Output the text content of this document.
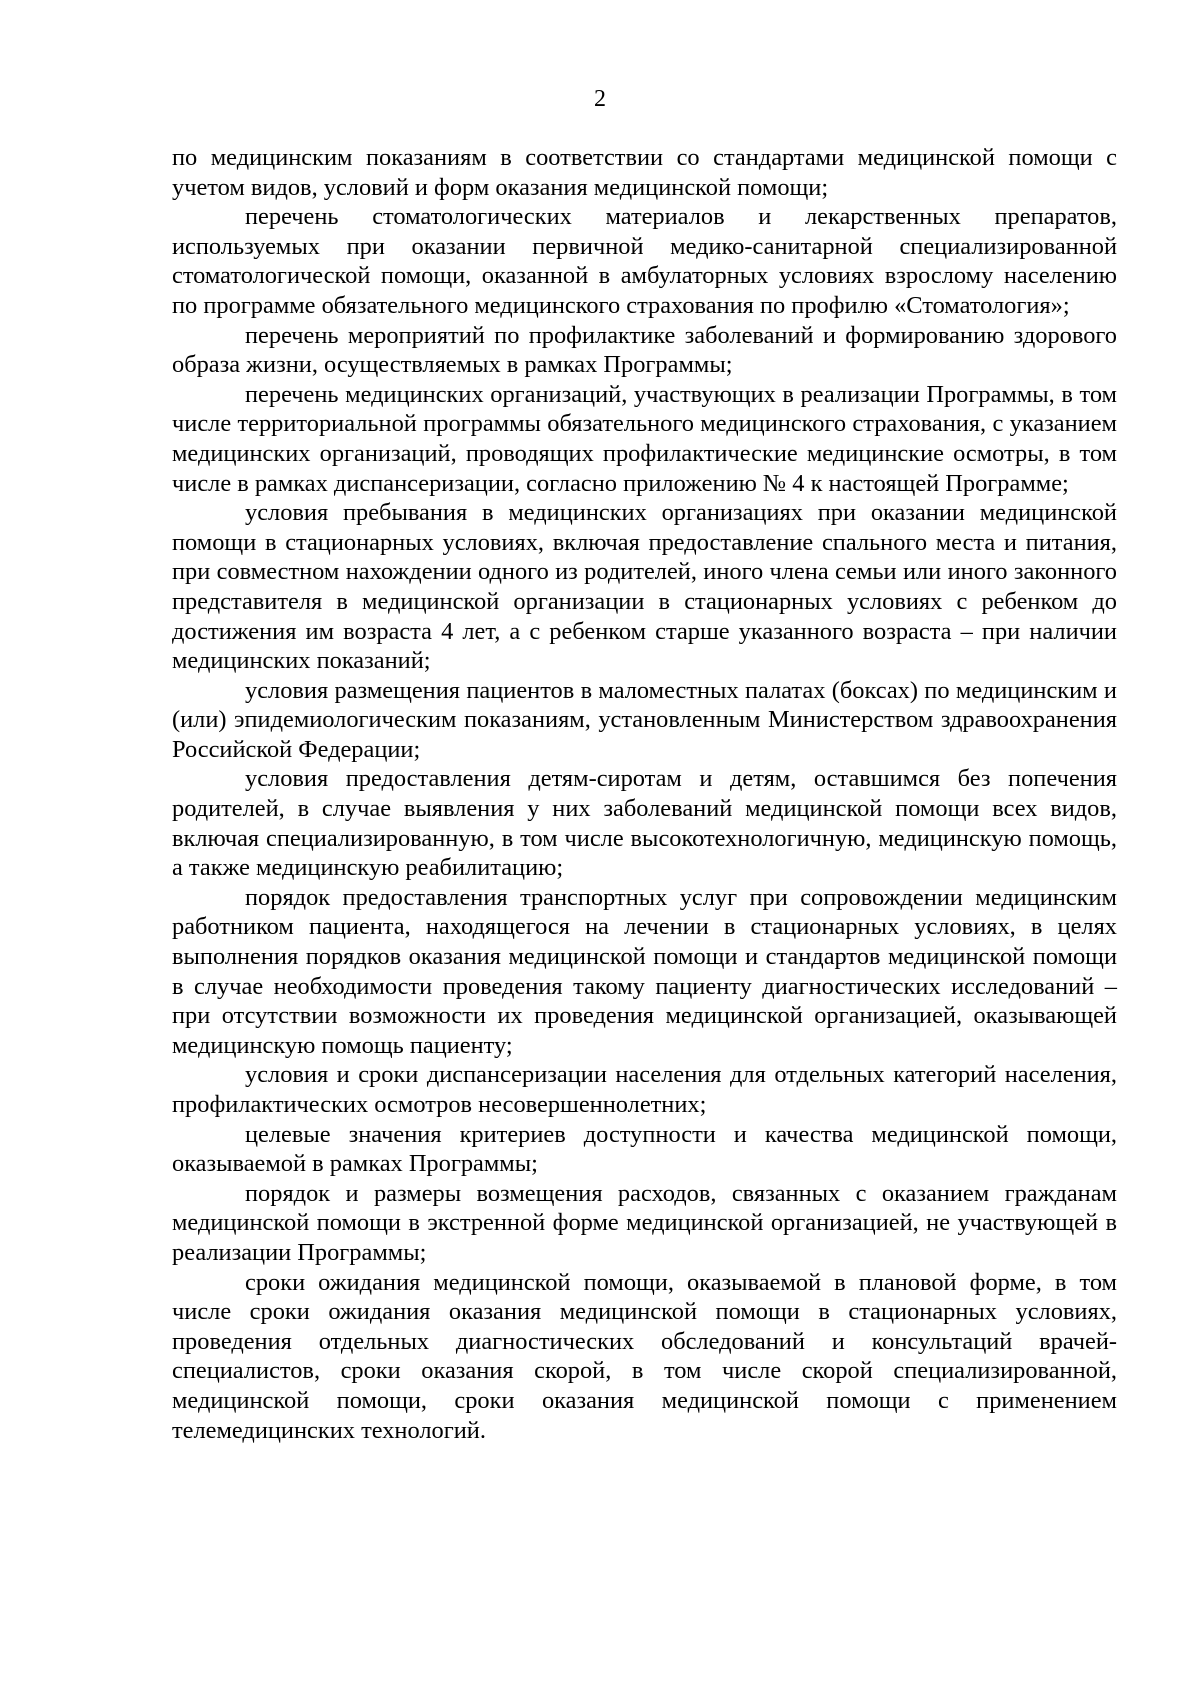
2

по медицинским показаниям в соответствии со стандартами медицинской помощи с учетом видов, условий и форм оказания медицинской помощи;

перечень стоматологических материалов и лекарственных препаратов, используемых при оказании первичной медико-санитарной специализированной стоматологической помощи, оказанной в амбулаторных условиях взрослому населению по программе обязательного медицинского страхования по профилю «Стоматология»;

перечень мероприятий по профилактике заболеваний и формированию здорового образа жизни, осуществляемых в рамках Программы;

перечень медицинских организаций, участвующих в реализации Программы, в том числе территориальной программы обязательного медицинского страхования, с указанием медицинских организаций, проводящих профилактические медицинские осмотры, в том числе в рамках диспансеризации, согласно приложению № 4 к настоящей Программе;

условия пребывания в медицинских организациях при оказании медицинской помощи в стационарных условиях, включая предоставление спального места и питания, при совместном нахождении одного из родителей, иного члена семьи или иного законного представителя в медицинской организации в стационарных условиях с ребенком до достижения им возраста 4 лет, а с ребенком старше указанного возраста – при наличии медицинских показаний;

условия размещения пациентов в маломестных палатах (боксах) по медицинским и (или) эпидемиологическим показаниям, установленным Министерством здравоохранения Российской Федерации;

условия предоставления детям-сиротам и детям, оставшимся без попечения родителей, в случае выявления у них заболеваний медицинской помощи всех видов, включая специализированную, в том числе высокотехнологичную, медицинскую помощь, а также медицинскую реабилитацию;

порядок предоставления транспортных услуг при сопровождении медицинским работником пациента, находящегося на лечении в стационарных условиях, в целях выполнения порядков оказания медицинской помощи и стандартов медицинской помощи в случае необходимости проведения такому пациенту диагностических исследований – при отсутствии возможности их проведения медицинской организацией, оказывающей медицинскую помощь пациенту;

условия и сроки диспансеризации населения для отдельных категорий населения, профилактических осмотров несовершеннолетних;

целевые значения критериев доступности и качества медицинской помощи, оказываемой в рамках Программы;

порядок и размеры возмещения расходов, связанных с оказанием гражданам медицинской помощи в экстренной форме медицинской организацией, не участвующей в реализации Программы;

сроки ожидания медицинской помощи, оказываемой в плановой форме, в том числе сроки ожидания оказания медицинской помощи в стационарных условиях, проведения отдельных диагностических обследований и консультаций врачей-специалистов, сроки оказания скорой, в том числе скорой специализированной, медицинской помощи, сроки оказания медицинской помощи с применением телемедицинских технологий.
